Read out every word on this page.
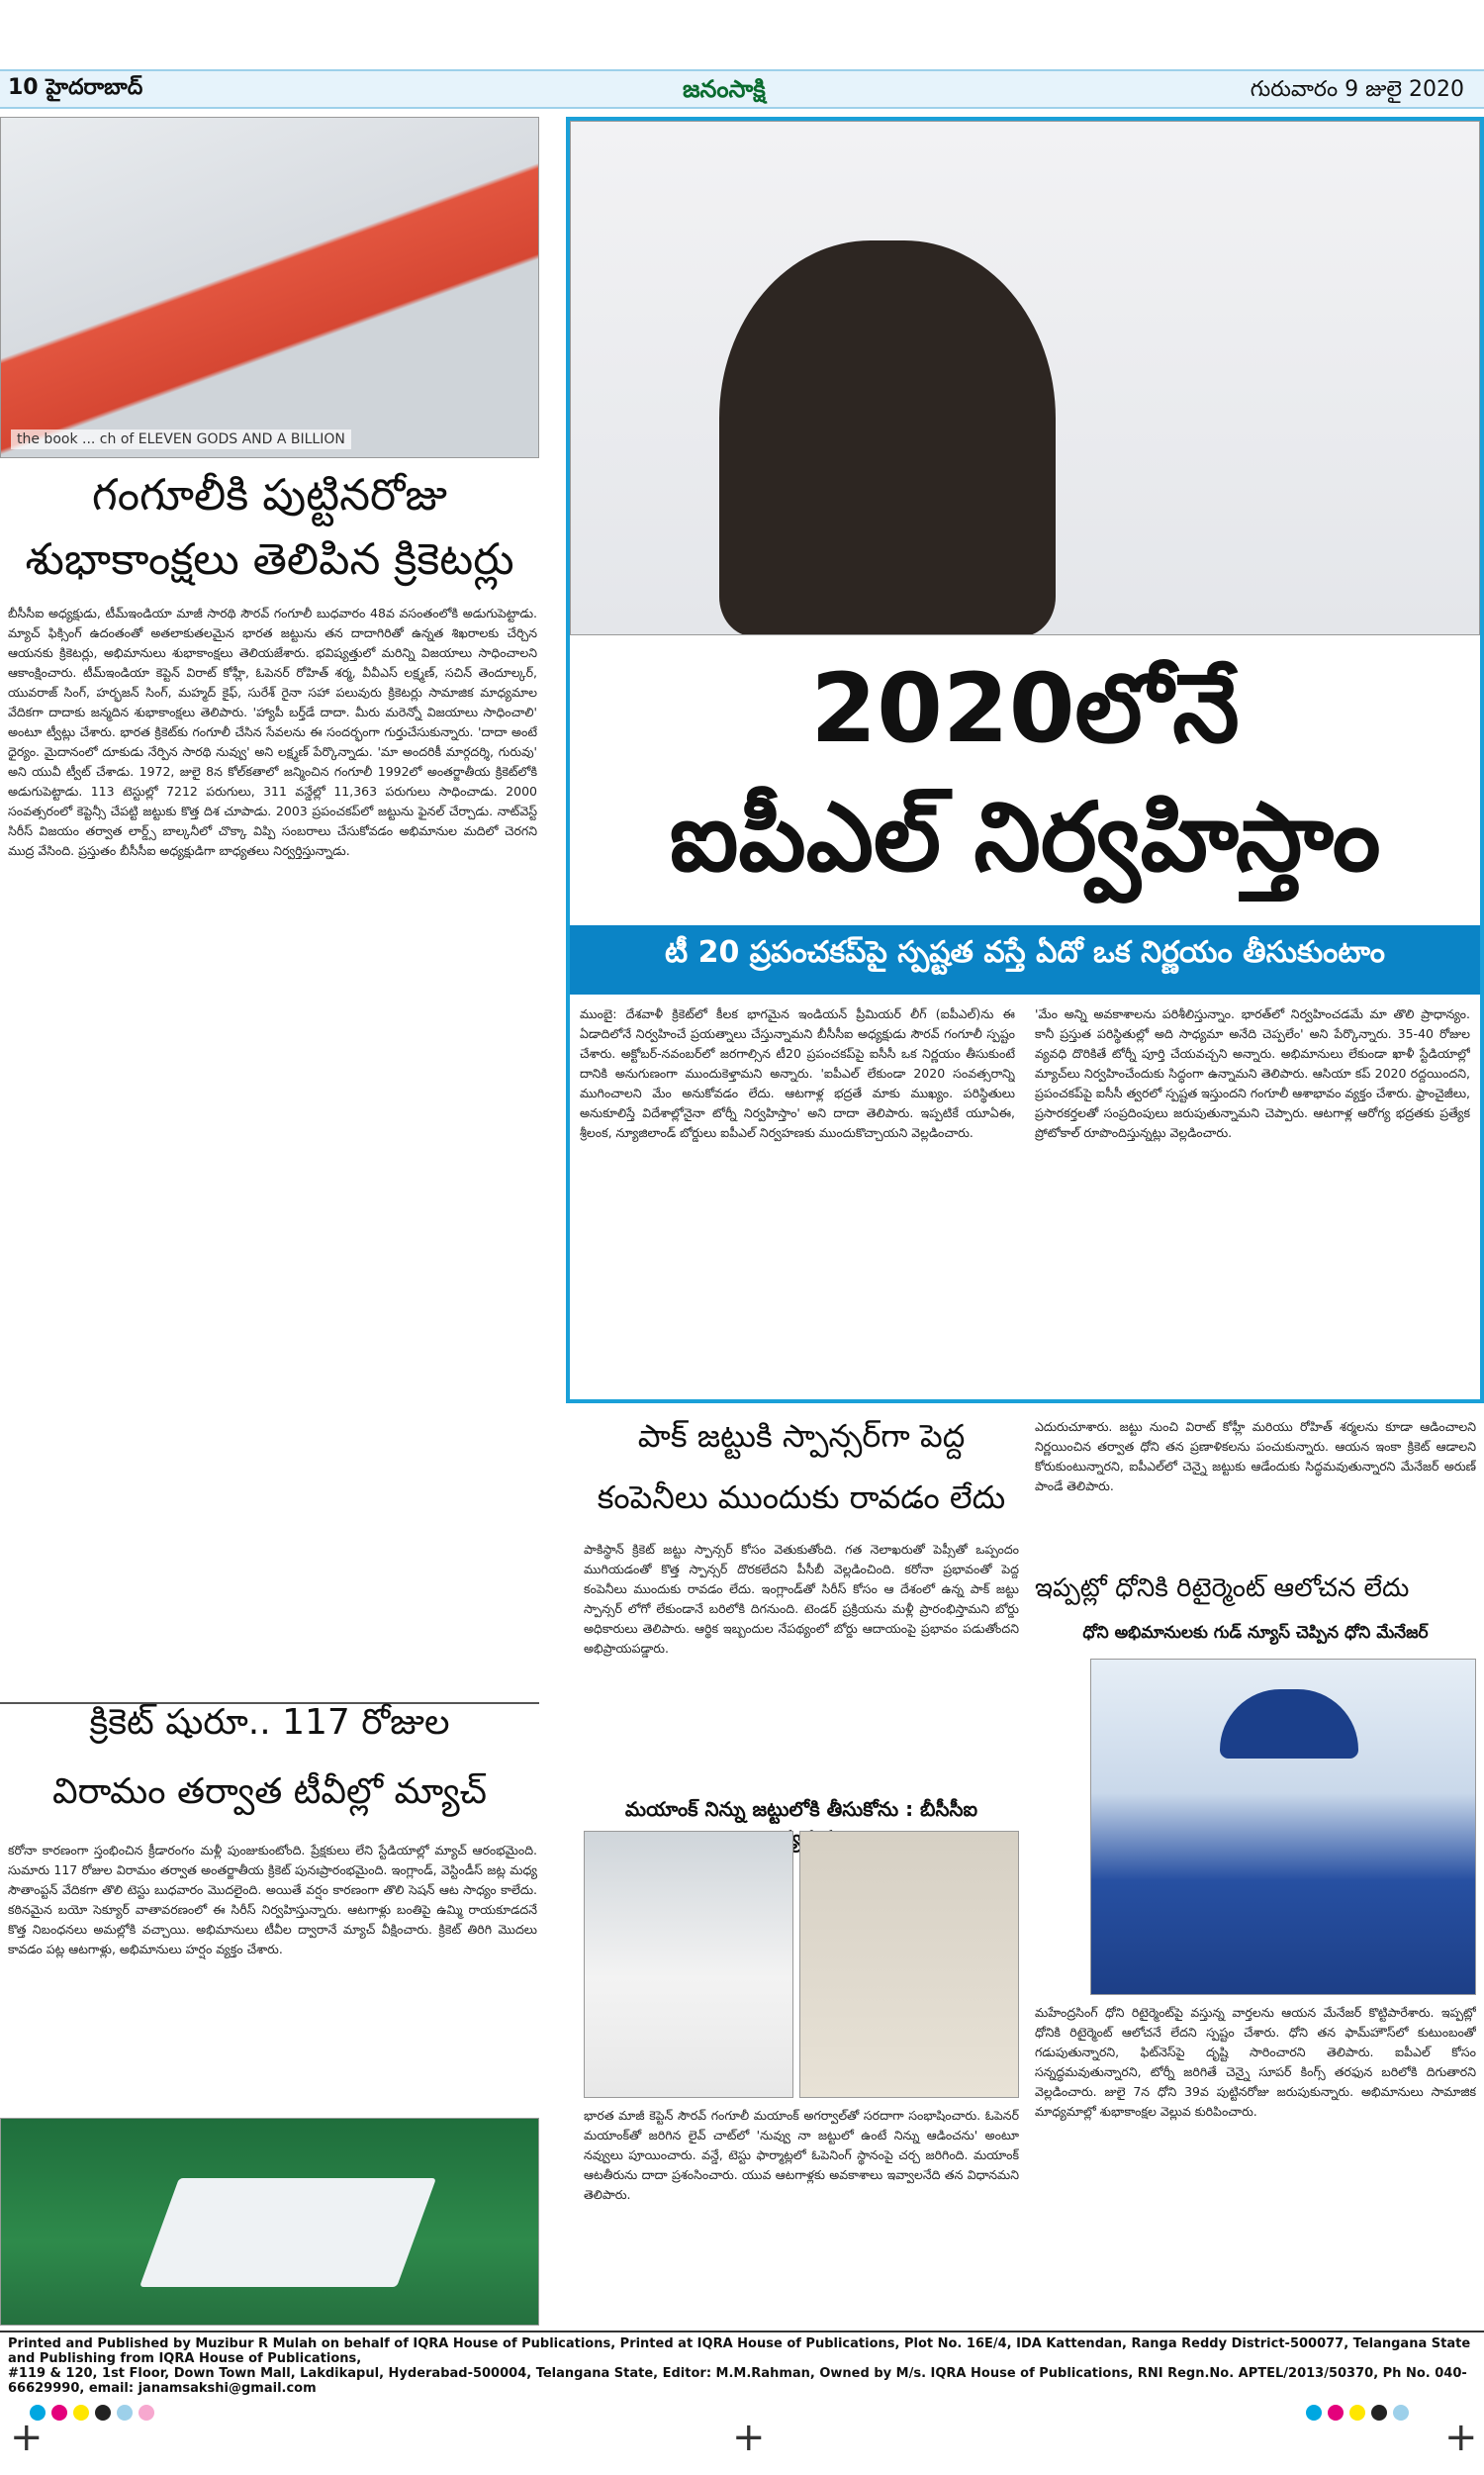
10 హైదరాబాద్	జనంసాక్షి	గురువారం 9 జులై 2020
the book ... ch of ELEVEN GODS AND A BILLION
గంగూలీకి పుట్టినరోజు
శుభాకాంక్షలు తెలిపిన క్రికెటర్లు
బీసీసీఐ అధ్యక్షుడు, టీమ్‌ఇండియా మాజీ సారథి సౌరవ్ గంగూలీ బుధవారం 48వ వసంతంలోకి అడుగుపెట్టాడు. మ్యాచ్ ఫిక్సింగ్ ఉదంతంతో అతలాకుతలమైన భారత జట్టును తన దాదాగిరితో ఉన్నత శిఖరాలకు చేర్చిన ఆయనకు క్రికెటర్లు, అభిమానులు శుభాకాంక్షలు తెలియజేశారు. భవిష్యత్తులో మరిన్ని విజయాలు సాధించాలని ఆకాంక్షించారు. టీమ్‌ఇండియా కెప్టెన్ విరాట్ కోహ్లీ, ఓపెనర్ రోహిత్ శర్మ, వీవీఎస్ లక్ష్మణ్, సచిన్ తెందూల్కర్, యువరాజ్ సింగ్, హర్భజన్ సింగ్, మహ్మద్ కైఫ్, సురేశ్ రైనా సహా పలువురు క్రికెటర్లు సామాజిక మాధ్యమాల వేదికగా దాదాకు జన్మదిన శుభాకాంక్షలు తెలిపారు. 'హ్యాపీ బర్త్‌డే దాదా. మీరు మరెన్నో విజయాలు సాధించాలి' అంటూ ట్వీట్లు చేశారు. భారత క్రికెట్‌కు గంగూలీ చేసిన సేవలను ఈ సందర్భంగా గుర్తుచేసుకున్నారు. 'దాదా అంటే ధైర్యం. మైదానంలో దూకుడు నేర్పిన సారథి నువ్వు' అని లక్ష్మణ్ పేర్కొన్నాడు. 'మా అందరికీ మార్గదర్శి, గురువు' అని యువీ ట్వీట్ చేశాడు. 1972, జులై 8న కోల్‌కతాలో జన్మించిన గంగూలీ 1992లో అంతర్జాతీయ క్రికెట్‌లోకి అడుగుపెట్టాడు. 113 టెస్టుల్లో 7212 పరుగులు, 311 వన్డేల్లో 11,363 పరుగులు సాధించాడు. 2000 సంవత్సరంలో కెప్టెన్సీ చేపట్టి జట్టుకు కొత్త దిశ చూపాడు. 2003 ప్రపంచకప్‌లో జట్టును ఫైనల్ చేర్చాడు. నాట్‌వెస్ట్ సిరీస్ విజయం తర్వాత లార్డ్స్ బాల్కనీలో చొక్కా విప్పి సంబరాలు చేసుకోవడం అభిమానుల మదిలో చెరగని ముద్ర వేసింది. ప్రస్తుతం బీసీసీఐ అధ్యక్షుడిగా బాధ్యతలు నిర్వర్తిస్తున్నాడు.
2020లోనే
ఐపీఎల్ నిర్వహిస్తాం
టీ 20 ప్రపంచకప్‌పై స్పష్టత వస్తే ఏదో ఒక నిర్ణయం తీసుకుంటాం
ముంబై: దేశవాళీ క్రికెట్‌లో కీలక భాగమైన ఇండియన్ ప్రీమియర్ లీగ్‌ (ఐపీఎల్)ను ఈ ఏడాదిలోనే నిర్వహించే ప్రయత్నాలు చేస్తున్నామని బీసీసీఐ అధ్యక్షుడు సౌరవ్ గంగూలీ స్పష్టం చేశారు. అక్టోబర్-నవంబర్‌లో జరగాల్సిన టీ20 ప్రపంచకప్‌పై ఐసీసీ ఒక నిర్ణయం తీసుకుంటే దానికి అనుగుణంగా ముందుకెళ్తామని అన్నారు. 'ఐపీఎల్ లేకుండా 2020 సంవత్సరాన్ని ముగించాలని మేం అనుకోవడం లేదు. ఆటగాళ్ల భద్రతే మాకు ముఖ్యం. పరిస్థితులు అనుకూలిస్తే విదేశాల్లోనైనా టోర్నీ నిర్వహిస్తాం' అని దాదా తెలిపారు. ఇప్పటికే యూఏఈ, శ్రీలంక, న్యూజిలాండ్ బోర్డులు ఐపీఎల్ నిర్వహణకు ముందుకొచ్చాయని వెల్లడించారు.
'మేం అన్ని అవకాశాలను పరిశీలిస్తున్నాం. భారత్‌లో నిర్వహించడమే మా తొలి ప్రాధాన్యం. కానీ ప్రస్తుత పరిస్థితుల్లో అది సాధ్యమా అనేది చెప్పలేం' అని పేర్కొన్నారు. 35-40 రోజుల వ్యవధి దొరికితే టోర్నీ పూర్తి చేయవచ్చని అన్నారు. అభిమానులు లేకుండా ఖాళీ స్టేడియాల్లో మ్యాచ్‌లు నిర్వహించేందుకు సిద్ధంగా ఉన్నామని తెలిపారు. ఆసియా కప్ 2020 రద్దయిందని, ప్రపంచకప్‌పై ఐసీసీ త్వరలో స్పష్టత ఇస్తుందని గంగూలీ ఆశాభావం వ్యక్తం చేశారు. ఫ్రాంచైజీలు, ప్రసారకర్తలతో సంప్రదింపులు జరుపుతున్నామని చెప్పారు. ఆటగాళ్ల ఆరోగ్య భద్రతకు ప్రత్యేక ప్రోటోకాల్ రూపొందిస్తున్నట్లు వెల్లడించారు.
క్రికెట్ షురూ.. 117 రోజుల
విరామం తర్వాత టీవీల్లో మ్యాచ్
కరోనా కారణంగా స్తంభించిన క్రీడారంగం మళ్లీ పుంజుకుంటోంది. ప్రేక్షకులు లేని స్టేడియాల్లో మ్యాచ్ ఆరంభమైంది. సుమారు 117 రోజుల విరామం తర్వాత అంతర్జాతీయ క్రికెట్ పునఃప్రారంభమైంది. ఇంగ్లాండ్, వెస్టిండీస్ జట్ల మధ్య సౌతాంప్టన్ వేదికగా తొలి టెస్టు బుధవారం మొదలైంది. అయితే వర్షం కారణంగా తొలి సెషన్ ఆట సాధ్యం కాలేదు. కఠినమైన బయో సెక్యూర్ వాతావరణంలో ఈ సిరీస్ నిర్వహిస్తున్నారు. ఆటగాళ్లు బంతిపై ఉమ్మి రాయకూడదనే కొత్త నిబంధనలు అమల్లోకి వచ్చాయి. అభిమానులు టీవీల ద్వారానే మ్యాచ్ వీక్షించారు. క్రికెట్ తిరిగి మొదలు కావడం పట్ల ఆటగాళ్లు, అభిమానులు హర్షం వ్యక్తం చేశారు.
పాక్ జట్టుకి స్పాన్సర్‌గా పెద్ద
కంపెనీలు ముందుకు రావడం లేదు
పాకిస్థాన్ క్రికెట్ జట్టు స్పాన్సర్ కోసం వెతుకుతోంది. గత నెలాఖరుతో పెప్సీతో ఒప్పందం ముగియడంతో కొత్త స్పాన్సర్ దొరకలేదని పీసీబీ వెల్లడించింది. కరోనా ప్రభావంతో పెద్ద కంపెనీలు ముందుకు రావడం లేదు. ఇంగ్లాండ్‌తో సిరీస్ కోసం ఆ దేశంలో ఉన్న పాక్ జట్టు స్పాన్సర్ లోగో లేకుండానే బరిలోకి దిగనుంది. టెండర్ ప్రక్రియను మళ్లీ ప్రారంభిస్తామని బోర్డు అధికారులు తెలిపారు. ఆర్థిక ఇబ్బందుల నేపథ్యంలో బోర్డు ఆదాయంపై ప్రభావం పడుతోందని అభిప్రాయపడ్డారు.
మయాంక్ నిన్ను జట్టులోకి తీసుకోను : బీసీసీఐ
భారత మాజీ కెప్టెన్ సౌరవ్ గంగూలీ మయాంక్ అగర్వాల్‌తో సరదాగా సంభాషించారు. ఓపెనర్ మయాంక్‌తో జరిగిన లైవ్ చాట్‌లో 'నువ్వు నా జట్టులో ఉంటే నిన్ను ఆడించను' అంటూ నవ్వులు పూయించారు. వన్డే, టెస్టు ఫార్మాట్లలో ఓపెనింగ్ స్థానంపై చర్చ జరిగింది. మయాంక్ ఆటతీరును దాదా ప్రశంసించారు. యువ ఆటగాళ్లకు అవకాశాలు ఇవ్వాలనేది తన విధానమని తెలిపారు.
ఎదురుచూశారు. జట్టు నుంచి విరాట్ కోహ్లీ మరియు రోహిత్ శర్మలను కూడా ఆడించాలని నిర్ణయించిన తర్వాత ధోని తన ప్రణాళికలను పంచుకున్నారు. ఆయన ఇంకా క్రికెట్ ఆడాలని కోరుకుంటున్నారని, ఐపీఎల్‌లో చెన్నై జట్టుకు ఆడేందుకు సిద్ధమవుతున్నారని మేనేజర్ అరుణ్ పాండే తెలిపారు.
ఇప్పట్లో ధోనికి రిటైర్మెంట్ ఆలోచన లేదు
ధోని అభిమానులకు గుడ్ న్యూస్ చెప్పిన ధోని మేనేజర్
మహేంద్రసింగ్ ధోని రిటైర్మెంట్‌పై వస్తున్న వార్తలను ఆయన మేనేజర్ కొట్టిపారేశారు. ఇప్పట్లో ధోనికి రిటైర్మెంట్ ఆలోచనే లేదని స్పష్టం చేశారు. ధోని తన ఫామ్‌హౌస్‌లో కుటుంబంతో గడుపుతున్నారని, ఫిట్‌నెస్‌పై దృష్టి సారించారని తెలిపారు. ఐపీఎల్ కోసం సన్నద్ధమవుతున్నారని, టోర్నీ జరిగితే చెన్నై సూపర్ కింగ్స్ తరఫున బరిలోకి దిగుతారని వెల్లడించారు. జులై 7న ధోని 39వ పుట్టినరోజు జరుపుకున్నారు. అభిమానులు సామాజిక మాధ్యమాల్లో శుభాకాంక్షల వెల్లువ కురిపించారు.
Printed and Published by Muzibur R Mulah on behalf of IQRA House of Publications, Printed at IQRA House of Publications, Plot No. 16E/4, IDA Kattendan, Ranga Reddy District-500077, Telangana State and Publishing from IQRA House of Publications,
#119 & 120, 1st Floor, Down Town Mall, Lakdikapul, Hyderabad-500004, Telangana State, Editor: M.M.Rahman, Owned by M/s. IQRA House of Publications, RNI Regn.No. APTEL/2013/50370, Ph No. 040-66629990, email: janamsakshi@gmail.com
+	+	+
